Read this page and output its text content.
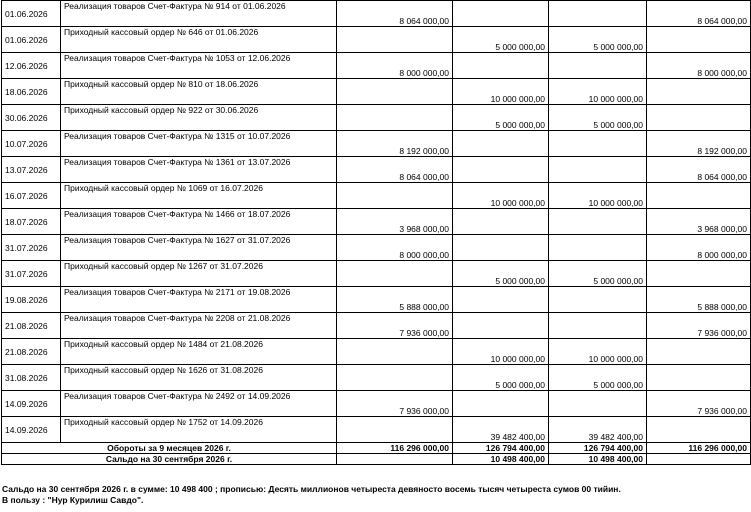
01.06.2026	Реализация товаров Счет-Фактура № 914 от 01.06.2026	8 064 000,00			8 064 000,00
01.06.2026	Приходный кассовый ордер № 646 от 01.06.2026		5 000 000,00	5 000 000,00	
12.06.2026	Реализация товаров Счет-Фактура № 1053 от 12.06.2026	8 000 000,00			8 000 000,00
18.06.2026	Приходный кассовый ордер № 810 от 18.06.2026		10 000 000,00	10 000 000,00	
30.06.2026	Приходный кассовый ордер № 922 от 30.06.2026		5 000 000,00	5 000 000,00	
10.07.2026	Реализация товаров Счет-Фактура № 1315 от 10.07.2026	8 192 000,00			8 192 000,00
13.07.2026	Реализация товаров Счет-Фактура № 1361 от 13.07.2026	8 064 000,00			8 064 000,00
16.07.2026	Приходный кассовый ордер № 1069 от 16.07.2026		10 000 000,00	10 000 000,00	
18.07.2026	Реализация товаров Счет-Фактура № 1466 от 18.07.2026	3 968 000,00			3 968 000,00
31.07.2026	Реализация товаров Счет-Фактура № 1627 от 31.07.2026	8 000 000,00			8 000 000,00
31.07.2026	Приходный кассовый ордер № 1267 от 31.07.2026		5 000 000,00	5 000 000,00	
19.08.2026	Реализация товаров Счет-Фактура № 2171 от 19.08.2026	5 888 000,00			5 888 000,00
21.08.2026	Реализация товаров Счет-Фактура № 2208 от 21.08.2026	7 936 000,00			7 936 000,00
21.08.2026	Приходный кассовый ордер № 1484 от 21.08.2026		10 000 000,00	10 000 000,00	
31.08.2026	Приходный кассовый ордер № 1626 от 31.08.2026		5 000 000,00	5 000 000,00	
14.09.2026	Реализация товаров Счет-Фактура № 2492 от 14.09.2026	7 936 000,00			7 936 000,00
14.09.2026	Приходный кассовый ордер № 1752 от 14.09.2026		39 482 400,00	39 482 400,00	
Обороты за 9 месяцев 2026 г.		116 296 000,00	126 794 400,00	126 794 400,00	116 296 000,00
Сальдо на 30 сентября 2026 г.			10 498 400,00	10 498 400,00	
Сальдо на 30 сентября 2026 г. в сумме: 10 498 400 ; прописью: Десять миллионов четыреста девяносто восемь тысяч четыреста сумов 00 тийин.
В пользу : "Нур Курилиш Савдо".
